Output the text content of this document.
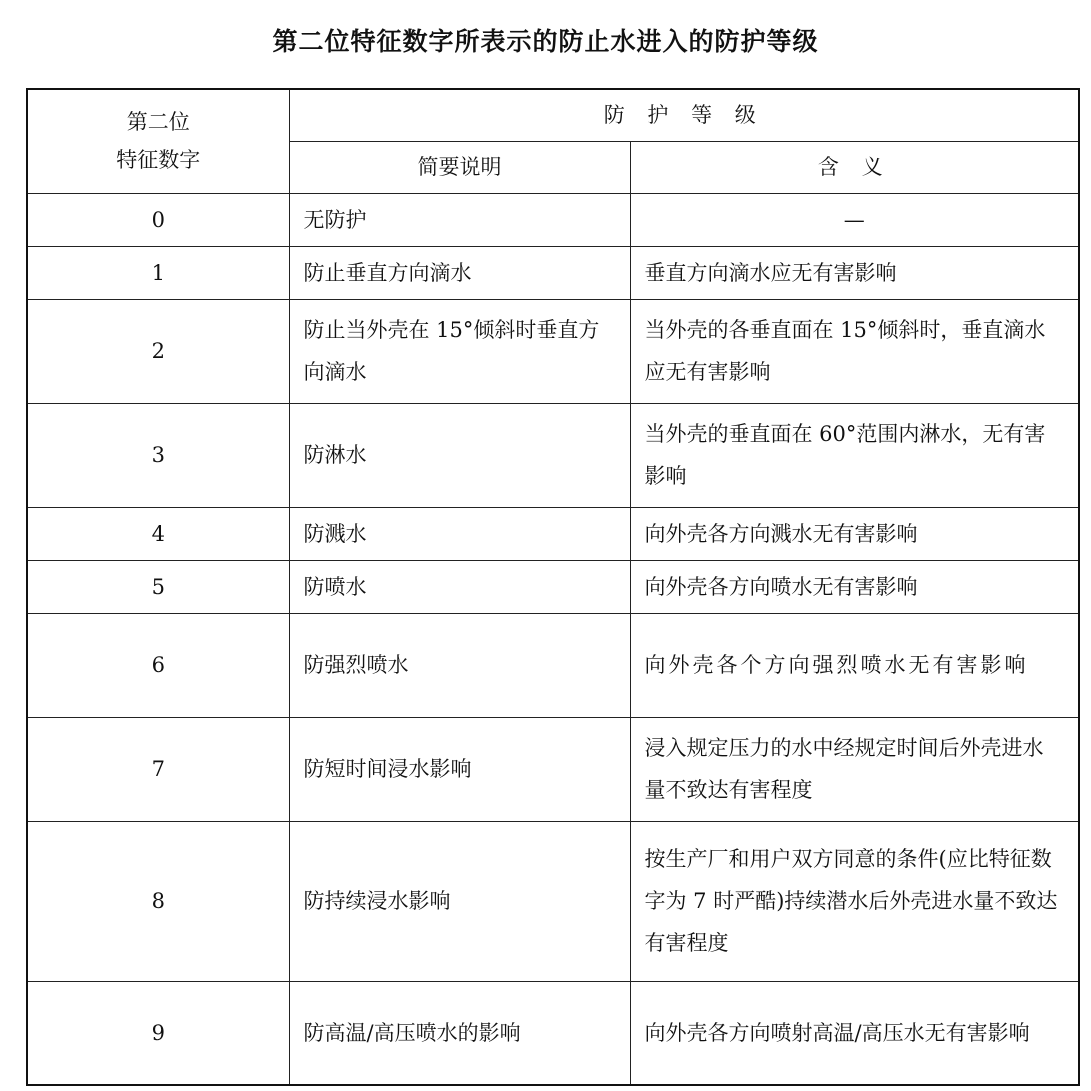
第二位特征数字所表示的防止水进入的防护等级
第二位
特征数字	防 护 等 级	
	简要说明	含 义
0	无防护	—
1	防止垂直方向滴水	垂直方向滴水应无有害影响
2	防止当外壳在 15°倾斜时垂直方向滴水	当外壳的各垂直面在 15°倾斜时，垂直滴水应无有害影响
3	防淋水	当外壳的垂直面在 60°范围内淋水，无有害影响
4	防溅水	向外壳各方向溅水无有害影响
5	防喷水	向外壳各方向喷水无有害影响
6	防强烈喷水	向外壳各个方向强烈喷水无有害影响
7	防短时间浸水影响	浸入规定压力的水中经规定时间后外壳进水量不致达有害程度
8	防持续浸水影响	按生产厂和用户双方同意的条件(应比特征数字为 7 时严酷)持续潜水后外壳进水量不致达有害程度
9	防高温/高压喷水的影响	向外壳各方向喷射高温/高压水无有害影响
